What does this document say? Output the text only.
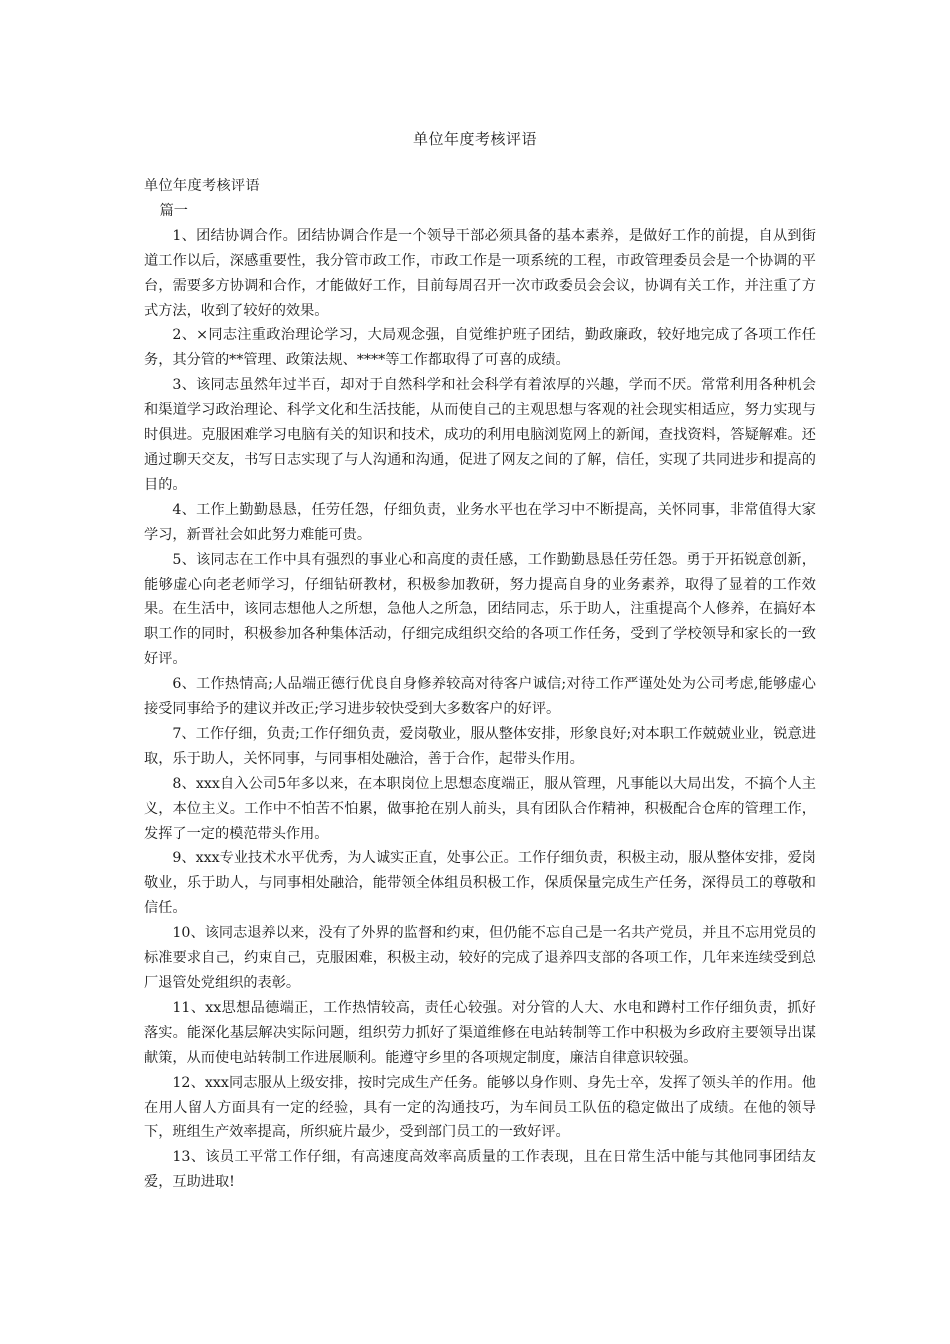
单位年度考核评语

单位年度考核评语

篇一

1、团结协调合作。团结协调合作是一个领导干部必须具备的基本素养，是做好工作的前提，自从到街道工作以后，深感重要性，我分管市政工作，市政工作是一项系统的工程，市政管理委员会是一个协调的平台，需要多方协调和合作，才能做好工作，目前每周召开一次市政委员会会议，协调有关工作，并注重了方式方法，收到了较好的效果。

2、×同志注重政治理论学习，大局观念强，自觉维护班子团结，勤政廉政，较好地完成了各项工作任务，其分管的**管理、政策法规、****等工作都取得了可喜的成绩。

3、该同志虽然年过半百，却对于自然科学和社会科学有着浓厚的兴趣，学而不厌。常常利用各种机会和渠道学习政治理论、科学文化和生活技能，从而使自己的主观思想与客观的社会现实相适应，努力实现与时俱进。克服困难学习电脑有关的知识和技术，成功的利用电脑浏览网上的新闻，查找资料，答疑解难。还通过聊天交友，书写日志实现了与人沟通和沟通，促进了网友之间的了解，信任，实现了共同进步和提高的目的。

4、工作上勤勤恳恳，任劳任怨，仔细负责，业务水平也在学习中不断提高，关怀同事，非常值得大家学习，新晋社会如此努力难能可贵。

5、该同志在工作中具有强烈的事业心和高度的责任感，工作勤勤恳恳任劳任怨。勇于开拓锐意创新，能够虚心向老老师学习，仔细钻研教材，积极参加教研，努力提高自身的业务素养，取得了显着的工作效果。在生活中，该同志想他人之所想，急他人之所急，团结同志，乐于助人，注重提高个人修养，在搞好本职工作的同时，积极参加各种集体活动，仔细完成组织交给的各项工作任务，受到了学校领导和家长的一致好评。

6、工作热情高;人品端正德行优良自身修养较高对待客户诚信;对待工作严谨处处为公司考虑,能够虚心接受同事给予的建议并改正;学习进步较快受到大多数客户的好评。

7、工作仔细，负责;工作仔细负责，爱岗敬业，服从整体安排，形象良好;对本职工作兢兢业业，锐意进取，乐于助人，关怀同事，与同事相处融洽，善于合作，起带头作用。

8、xxx自入公司5年多以来，在本职岗位上思想态度端正，服从管理，凡事能以大局出发，不搞个人主义，本位主义。工作中不怕苦不怕累，做事抢在别人前头，具有团队合作精神，积极配合仓库的管理工作，发挥了一定的模范带头作用。

9、xxx专业技术水平优秀，为人诚实正直，处事公正。工作仔细负责，积极主动，服从整体安排，爱岗敬业，乐于助人，与同事相处融洽，能带领全体组员积极工作，保质保量完成生产任务，深得员工的尊敬和信任。

10、该同志退养以来，没有了外界的监督和约束，但仍能不忘自己是一名共产党员，并且不忘用党员的标准要求自己，约束自己，克服困难，积极主动，较好的完成了退养四支部的各项工作，几年来连续受到总厂退管处党组织的表彰。

11、xx思想品德端正，工作热情较高，责任心较强。对分管的人大、水电和蹲村工作仔细负责，抓好落实。能深化基层解决实际问题，组织劳力抓好了渠道维修在电站转制等工作中积极为乡政府主要领导出谋献策，从而使电站转制工作进展顺利。能遵守乡里的各项规定制度，廉洁自律意识较强。

12、xxx同志服从上级安排，按时完成生产任务。能够以身作则、身先士卒，发挥了领头羊的作用。他在用人留人方面具有一定的经验，具有一定的沟通技巧，为车间员工队伍的稳定做出了成绩。在他的领导下，班组生产效率提高，所织疵片最少，受到部门员工的一致好评。

13、该员工平常工作仔细，有高速度高效率高质量的工作表现，且在日常生活中能与其他同事团结友爱，互助进取!
